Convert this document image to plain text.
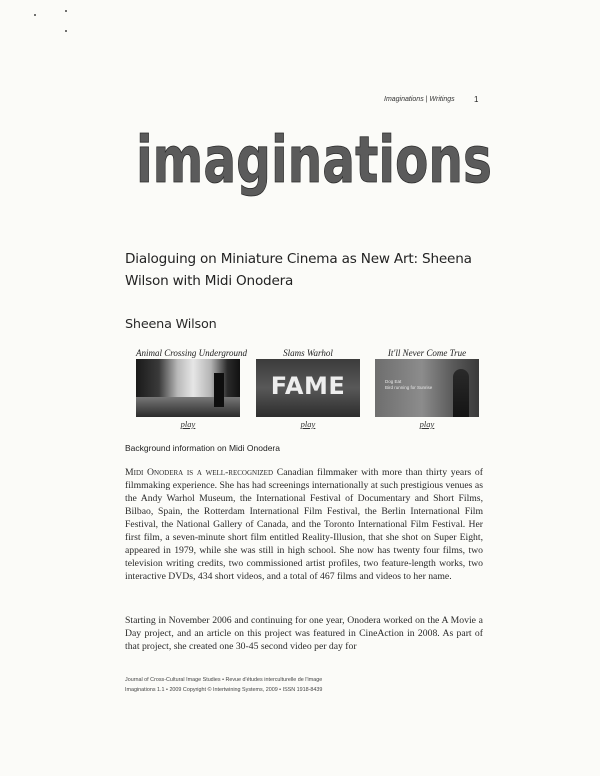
Imaginations | Writings 1
imaginations
Dialoguing on Miniature Cinema as New Art: Sheena Wilson with Midi Onodera
Sheena Wilson
Animal Crossing Underground
play
Slams Warhol
FAME
play
It'll Never Come True
Dog Eat
Bird running for Sunrise
play
Background information on Midi Onodera
Midi Onodera is a well-recognized Canadian filmmaker with more than thirty years of filmmaking experience. She has had screenings internationally at such prestigious venues as the Andy Warhol Museum, the International Festival of Documentary and Short Films, Bilbao, Spain, the Rotterdam International Film Festival, the Berlin International Film Festival, the National Gallery of Canada, and the Toronto International Film Festival. Her first film, a seven-minute short film entitled Reality-Illusion, that she shot on Super Eight, appeared in 1979, while she was still in high school. She now has twenty four films, two television writing credits, two commissioned artist profiles, two feature-length works, two interactive DVDs, 434 short videos, and a total of 467 films and videos to her name.
Starting in November 2006 and continuing for one year, Onodera worked on the A Movie a Day project, and an article on this project was featured in CineAction in 2008. As part of that project, she created one 30-45 second video per day for
Journal of Cross-Cultural Image Studies • Revue d'études interculturelle de l'image
Imaginations 1.1 • 2009 Copyright © Intertwining Systems, 2009 • ISSN 1918-8439
